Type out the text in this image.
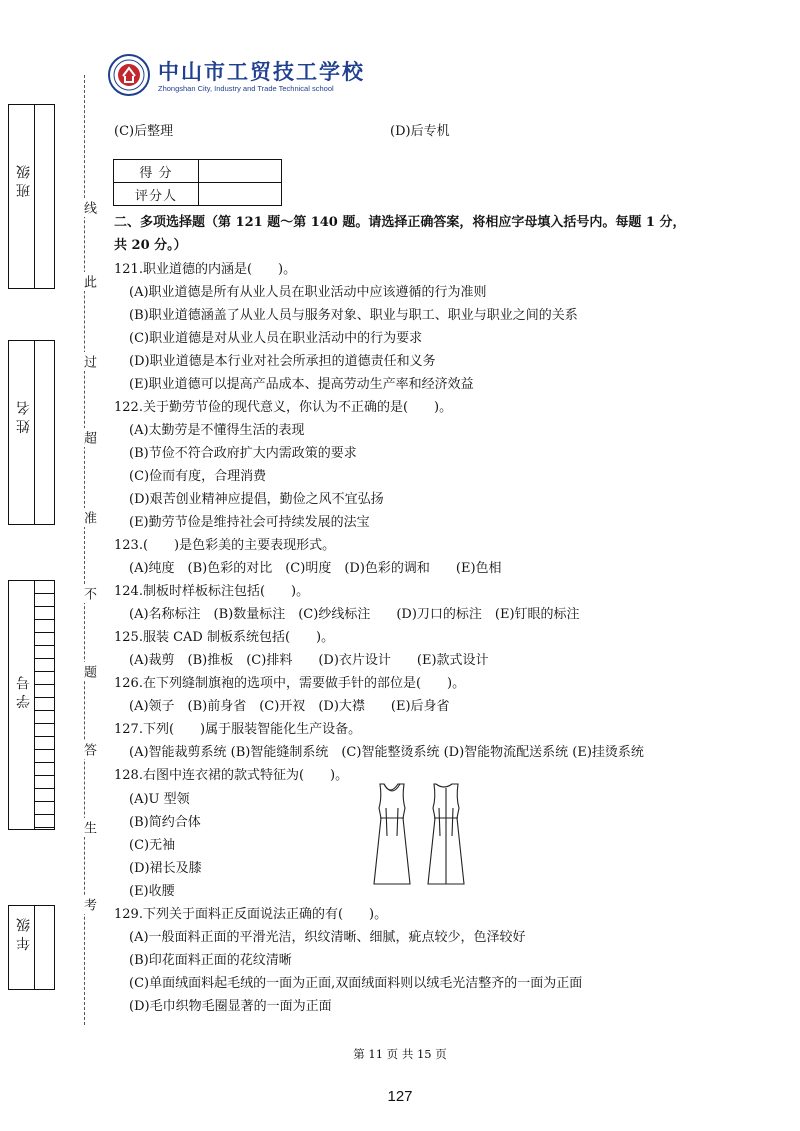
中山市工贸技工学校
Zhongshan City, Industry and Trade Technical school
班 级
姓 名
学 号
年 级
线
此
过
超
准
不
题
答
生
考
(C)后整理	(D)后专机
得 分	
评分人	
二、多项选择题（第 121 题～第 140 题。请选择正确答案，将相应字母填入括号内。每题 1 分，
共 20 分。）
121.职业道德的内涵是(　　)。
(A)职业道德是所有从业人员在职业活动中应该遵循的行为准则
(B)职业道德涵盖了从业人员与服务对象、职业与职工、职业与职业之间的关系
(C)职业道德是对从业人员在职业活动中的行为要求
(D)职业道德是本行业对社会所承担的道德责任和义务
(E)职业道德可以提高产品成本、提高劳动生产率和经济效益
122.关于勤劳节俭的现代意义，你认为不正确的是(　　)。
(A)太勤劳是不懂得生活的表现
(B)节俭不符合政府扩大内需政策的要求
(C)俭而有度，合理消费
(D)艰苦创业精神应提倡，勤俭之风不宜弘扬
(E)勤劳节俭是维持社会可持续发展的法宝
123.(　　)是色彩美的主要表现形式。
(A)纯度　(B)色彩的对比　(C)明度　(D)色彩的调和　　(E)色相
124.制板时样板标注包括(　　)。
(A)名称标注　(B)数量标注　(C)纱线标注　　(D)刀口的标注　(E)钉眼的标注
125.服装 CAD 制板系统包括(　　)。
(A)裁剪　(B)推板　(C)排料　　(D)衣片设计　　(E)款式设计
126.在下列缝制旗袍的选项中，需要做手针的部位是(　　)。
(A)领子　(B)前身省　(C)开衩　(D)大襟　　(E)后身省
127.下列(　　)属于服装智能化生产设备。
(A)智能裁剪系统 (B)智能缝制系统　(C)智能整烫系统 (D)智能物流配送系统 (E)挂烫系统
128.右图中连衣裙的款式特征为(　　)。
(A)U 型领
(B)简约合体
(C)无袖
(D)裙长及膝
(E)收腰
129.下列关于面料正反面说法正确的有(　　)。
(A)一般面料正面的平滑光洁，织纹清晰、细腻，疵点较少，色泽较好
(B)印花面料正面的花纹清晰
(C)单面绒面料起毛绒的一面为正面,双面绒面料则以绒毛光洁整齐的一面为正面
(D)毛巾织物毛圈显著的一面为正面
第 11 页 共 15 页
127
